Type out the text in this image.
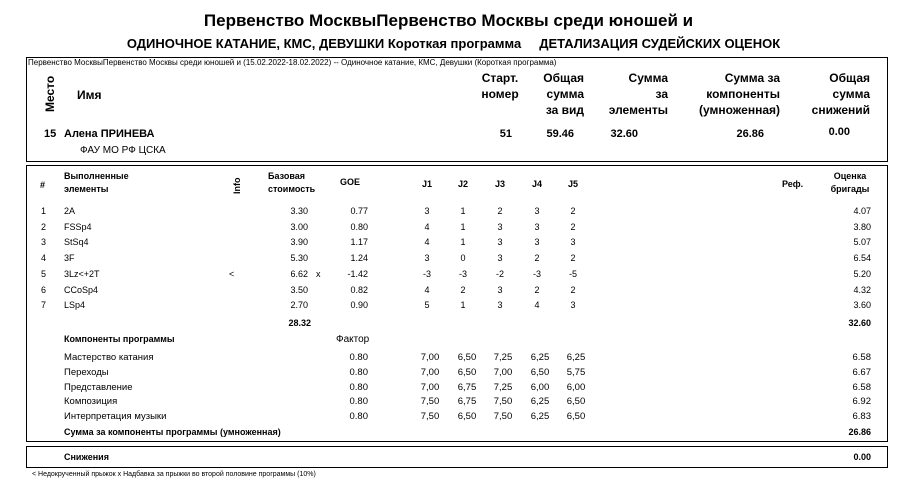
Первенство МосквыПервенство Москвы среди юношей и
ОДИНОЧНОЕ КАТАНИЕ, КМС, ДЕВУШКИ Короткая программа ДЕТАЛИЗАЦИЯ СУДЕЙСКИХ ОЦЕНОК
Первенство МосквыПервенство Москвы среди юношей и (15.02.2022-18.02.2022) -- Одиночное катание, КМС, Девушки (Короткая программа)
Место Имя
Старт.
номер
Общая
сумма
за вид
Сумма
за
элементы
Сумма за
компоненты
(умноженная)
Общая
сумма
снижений
15 Алена ПРИНЕВА
ФАУ МО РФ ЦСКА
51	59.46	32.60	26.86	0.00
#
Выполненные
элементы	Info
Базовая
стоимость
GOE	J1	J2	J3	J4	J5	Реф.
Оценка
бригады
1 2A	3.30	0.77	3	1	2	3	2	4.07
2 FSSp4	3.00	0.80	4	1	3	3	2	3.80
3 StSq4	3.90	1.17	4	1	3	3	3	5.07
4 3F	5.30	1.24	3	0	3	2	2	6.54
5 3Lz<+2T	<	6.62 x	-1.42	-3	-3	-2	-3	-5	5.20
6 CCoSp4	3.50	0.82	4	2	3	2	2	4.32
7 LSp4	2.70	0.90	5	1	3	4	3	3.60
28.32	32.60
Компоненты программы	Фактор
Мастерство катания	0.80	7,00 6,50 7,25 6,25 6,25	6.58
Переходы	0.80	7,00 6,50 7,00 6,50 5,75	6.67
Представление	0.80	7,00 6,75 7,25 6,00 6,00	6.58
Композиция	0.80	7,50 6,75 7,50 6,25 6,50	6.92
Интерпретация музыки	0.80	7,50 6,50 7,50 6,25 6,50	6.83
Сумма за компоненты программы (умноженная)	26.86
Снижения	0.00
< Недокрученный прыжок x Надбавка за прыжки во второй половине программы (10%)
